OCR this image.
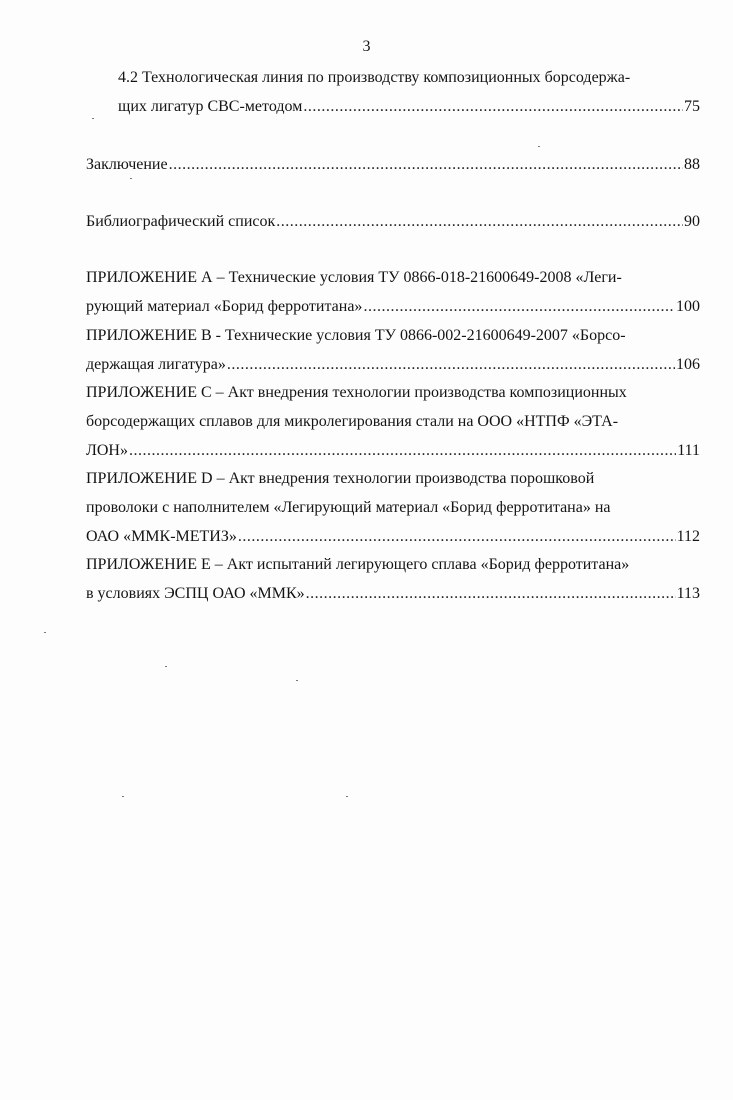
3
4.2 Технологическая линия по производству композиционных борсодержа-
щих лигатур СВС-методом .....	75
Заключение .....	88
Библиографический список .....	90
ПРИЛОЖЕНИЕ А – Технические условия ТУ 0866-018-21600649-2008 «Леги-
рующий материал «Борид ферротитана» .....	100
ПРИЛОЖЕНИЕ В - Технические условия ТУ 0866-002-21600649-2007 «Борсо-
держащая лигатура» .....	106
ПРИЛОЖЕНИЕ С – Акт внедрения технологии производства композиционных
борсодержащих сплавов для микролегирования стали на ООО «НТПФ «ЭТА-
ЛОН» .....	111
ПРИЛОЖЕНИЕ D – Акт внедрения технологии производства порошковой
проволоки с наполнителем «Легирующий материал «Борид ферротитана» на
ОАО «ММК-МЕТИЗ» .....	112
ПРИЛОЖЕНИЕ Е – Акт испытаний легирующего сплава «Борид ферротитана»
в условиях ЭСПЦ ОАО «ММК» .....	113
